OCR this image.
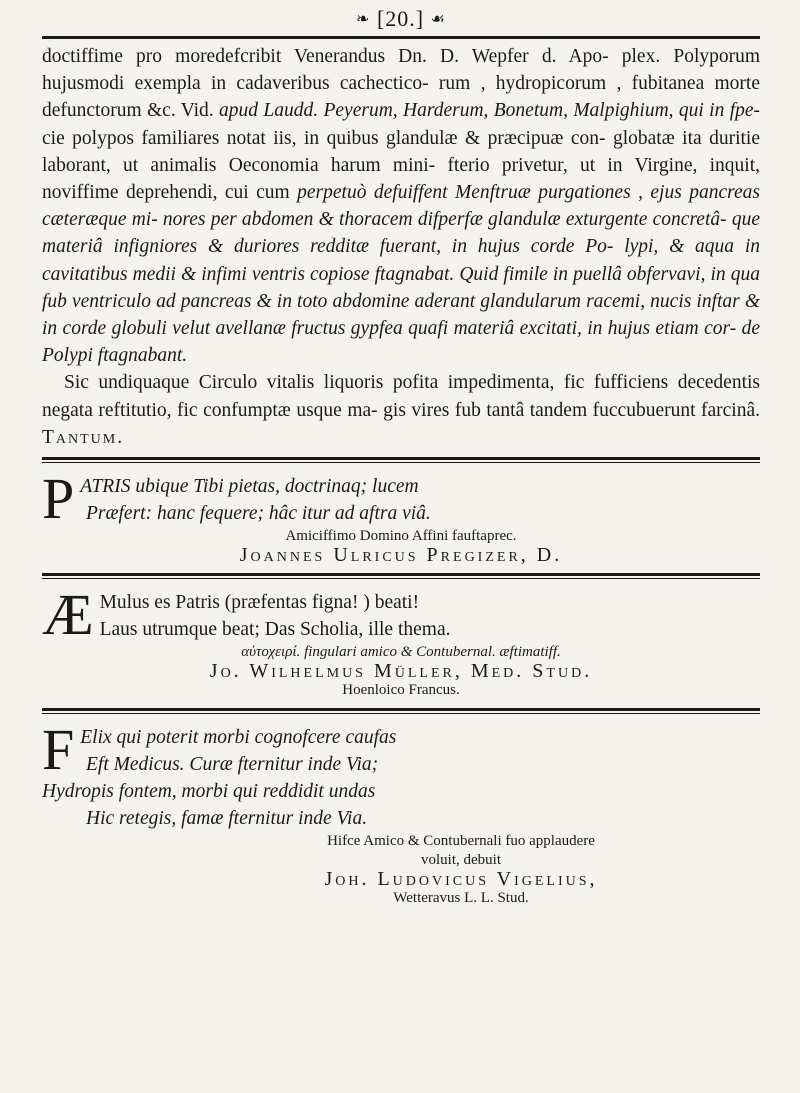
❧ [20.] ☙

doctiffime pro moredefcribit Venerandus Dn. D. Wepfer d. Apo- plex. Polyporum hujusmodi exempla in cadaveribus cachectico- rum , hydropicorum , fubitanea morte defunctorum &c. Vid. apud Laudd. Peyerum, Harderum, Bonetum, Malpighium, qui in fpe- cie polypos familiares notat iis, in quibus glandulæ & præcipuæ con- globatæ ita duritie laborant, ut animalis Oeconomia harum mini- fterio privetur, ut in Virgine, inquit, noviffime deprehendi, cui cum perpetuò defuiffent Menftruæ purgationes , ejus pancreas cæteræque mi- nores per abdomen & thoracem difperfæ glandulæ exturgente concretâ- que materiâ infigniores & duriores redditæ fuerant, in hujus corde Po- lypi, & aqua in cavitatibus medii & infimi ventris copiose ftagnabat. Quid fimile in puellâ obfervavi, in qua fub ventriculo ad pancreas & in toto abdomine aderant glandularum racemi, nucis inftar & in corde globuli velut avellanæ fructus gypfea quafi materiâ excitati, in hujus etiam cor- de Polypi ftagnabant.

Sic undiquaque Circulo vitalis liquoris pofita impedimenta, fic fufficiens decedentis negata reftitutio, fic confumptæ usque ma- gis vires fub tantâ tandem fuccubuerunt farcinâ. Tantum.

P ATRIS ubique Tibi pietas, doctrinaq; lucem
Præfert: hanc fequere; hâc itur ad aftra viâ.
Amiciffimo Domino Affini fauftaprec.
Joannes Ulricus Pregizer, D.
Æ Mulus es Patris (præfentas figna! ) beati!
Laus utrumque beat; Das Scholia, ille thema.
αὐτοχειρί. fingulari amico & Contubernal. æftimatiff.
Jo. Wilhelmus Müller, Med. Stud.
Hoenloico Francus.
F Elix qui poterit morbi cognofcere caufas
Eft Medicus. Curæ fternitur inde Via;
Hydropis fontem, morbi qui reddidit undas
Hic retegis, famæ fternitur inde Via.
Hifce Amico & Contubernali fuo applaudere
voluit, debuit
Joh. Ludovicus Vigelius,
Wetteravus L. L. Stud.
